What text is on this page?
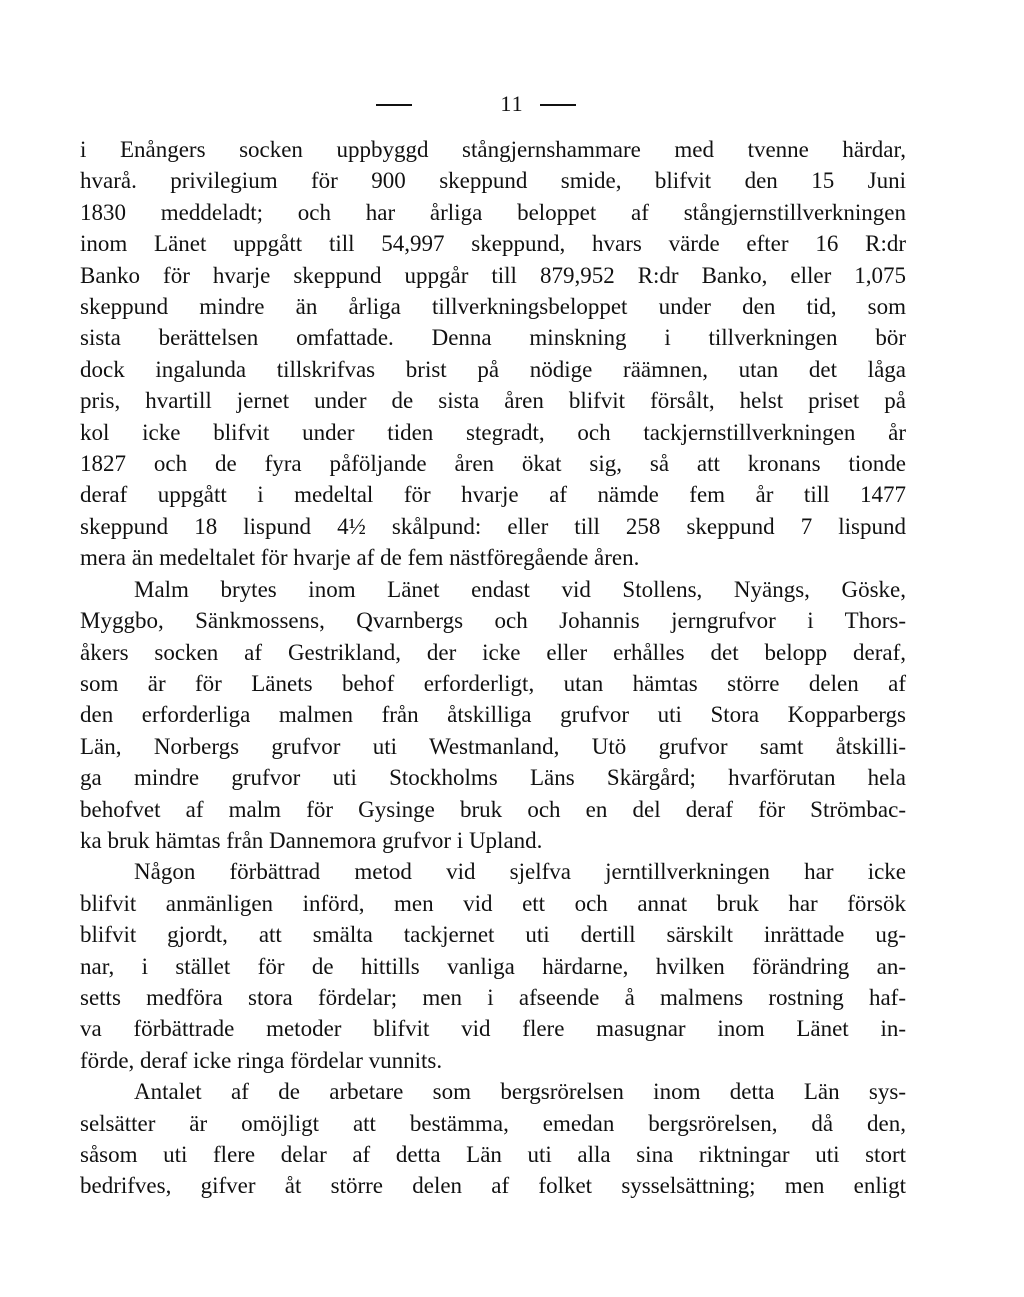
11

i Enångers socken uppbyggd stångjernshammare med tvenne härdar,
hvarå. privilegium för 900 skeppund smide, blifvit den 15 Juni
1830 meddeladt; och har årliga beloppet af stångjernstillverkningen
inom Länet uppgått till 54,997 skeppund, hvars värde efter 16 R:dr
Banko för hvarje skeppund uppgår till 879,952 R:dr Banko, eller 1,075
skeppund mindre än årliga tillverkningsbeloppet under den tid, som
sista berättelsen omfattade. Denna minskning i tillverkningen bör
dock ingalunda tillskrifvas brist på nödige räämnen, utan det låga
pris, hvartill jernet under de sista åren blifvit försålt, helst priset på
kol icke blifvit under tiden stegradt, och tackjernstillverkningen år
1827 och de fyra påföljande åren ökat sig, så att kronans tionde
deraf uppgått i medeltal för hvarje af nämde fem år till 1477
skeppund 18 lispund 4½ skålpund: eller till 258 skeppund 7 lispund
mera än medeltalet för hvarje af de fem nästföregående åren.

Malm brytes inom Länet endast vid Stollens, Nyängs, Göske,
Myggbo, Sänkmossens, Qvarnbergs och Johannis jerngrufvor i Thors-
åkers socken af Gestrikland, der icke eller erhålles det belopp deraf,
som är för Länets behof erforderligt, utan hämtas större delen af
den erforderliga malmen från åtskilliga grufvor uti Stora Kopparbergs
Län, Norbergs grufvor uti Westmanland, Utö grufvor samt åtskilli-
ga mindre grufvor uti Stockholms Läns Skärgård; hvarförutan hela
behofvet af malm för Gysinge bruk och en del deraf för Strömbac-
ka bruk hämtas från Dannemora grufvor i Upland.

Någon förbättrad metod vid sjelfva jerntillverkningen har icke
blifvit anmänligen införd, men vid ett och annat bruk har försök
blifvit gjordt, att smälta tackjernet uti dertill särskilt inrättade ug-
nar, i stället för de hittills vanliga härdarne, hvilken förändring an-
setts medföra stora fördelar; men i afseende å malmens rostning haf-
va förbättrade metoder blifvit vid flere masugnar inom Länet in-
förde, deraf icke ringa fördelar vunnits.

Antalet af de arbetare som bergsrörelsen inom detta Län sys-
selsätter är omöjligt att bestämma, emedan bergsrörelsen, då den,
såsom uti flere delar af detta Län uti alla sina riktningar uti stort
bedrifves, gifver åt större delen af folket sysselsättning; men enligt
